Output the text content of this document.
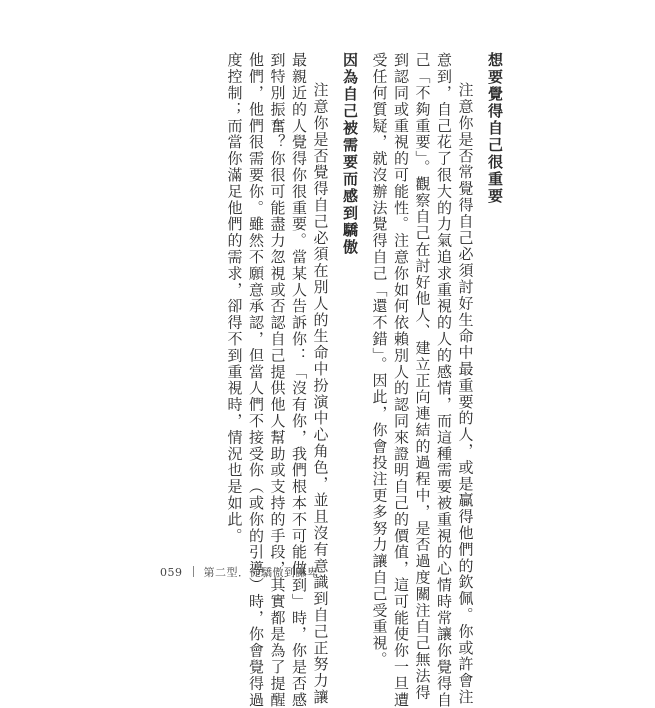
想要覺得自己很重要
注意你是否常覺得自己必須討好生命中最重要的人，或是贏得他們的欽佩。你或許會注
意到，自己花了很大的力氣追求重視的人的感情，而這種需要被重視的心情時常讓你覺得自
己「不夠重要」。觀察自己在討好他人、建立正向連結的過程中，是否過度關注自己無法得
到認同或重視的可能性。注意你如何依賴別人的認同來證明自己的價值，這可能使你一旦遭
受任何質疑，就沒辦法覺得自己「還不錯」。因此，你會投注更多努力讓自己受重視。
因為自己被需要而感到驕傲
注意你是否覺得自己必須在別人的生命中扮演中心角色，並且沒有意識到自己正努力讓
最親近的人覺得你很重要。當某人告訴你：「沒有你，我們根本不可能做到」時，你是否感
到特別振奮？你很可能盡力忽視或否認自己提供他人幫助或支持的手段，其實都是為了提醒
他們，他們很需要你。雖然不願意承認，但當人們不接受你（或你的引導）時，你會覺得過
度控制；而當你滿足他們的需求，卻得不到重視時，情況也是如此。
059 第二型．從驕傲到謙卑
